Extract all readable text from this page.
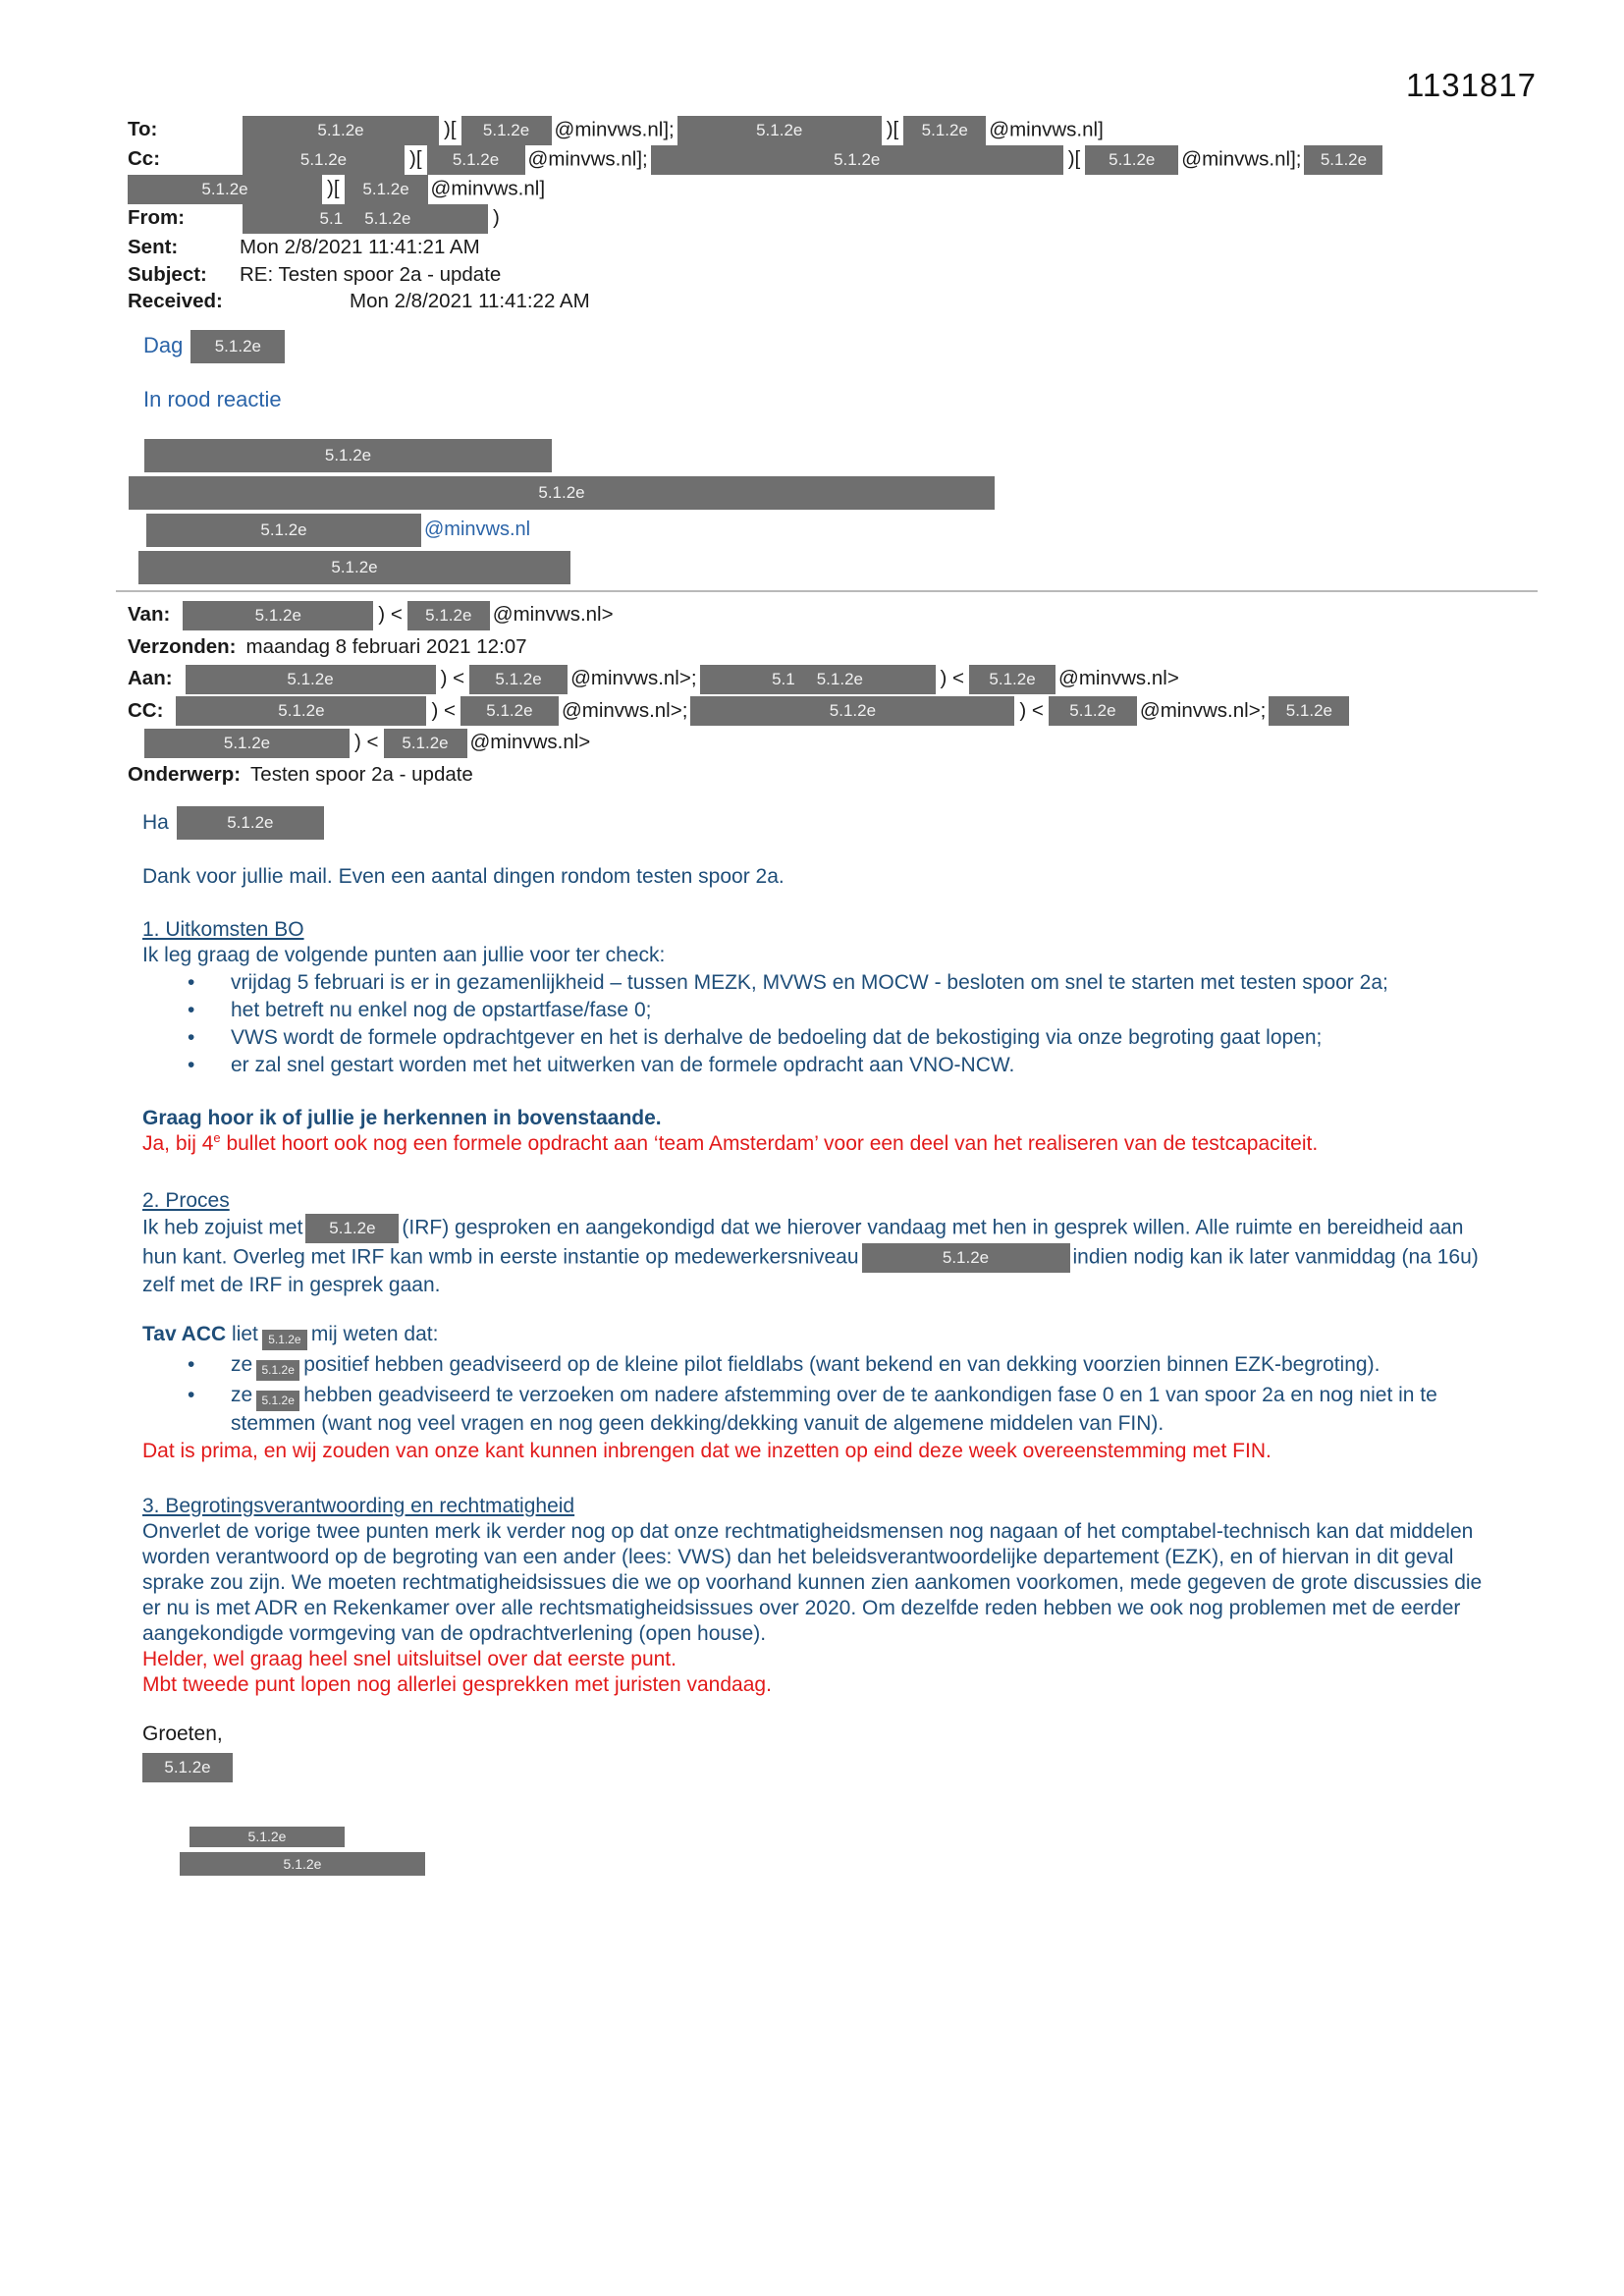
1131817
To:	5.1.2e	)[ 5.1.2e @minvws.nl];	5.1.2e	)[ 5.1.2e @minvws.nl]
Cc:	5.1.2e	)[ 5.1.2e @minvws.nl];	5.1.2e	)[ 5.1.2e @minvws.nl]; 5.1.2e
5.1.2e	)[ 5.1.2e @minvws.nl]
From:	5.1 5.1.2e	)
Sent:	Mon 2/8/2021 11:41:21 AM
Subject: RE: Testen spoor 2a - update
Received:	Mon 2/8/2021 11:41:22 AM
Dag 5.1.2e
In rood reactie
5.1.2e
5.1.2e
5.1.2e	@minvws.nl
5.1.2e
Van:	5.1.2e	) < 5.1.2e @minvws.nl>
Verzonden: maandag 8 februari 2021 12:07
Aan:	5.1.2e	) < 5.1.2e @minvws.nl>;	5.1 5.1.2e	) < 5.1.2e @minvws.nl>
CC:	5.1.2e	) < 5.1.2e @minvws.nl>;	5.1.2e	) < 5.1.2e @minvws.nl>; 5.1.2e
5.1.2e	) < 5.1.2e @minvws.nl>
Onderwerp: Testen spoor 2a - update
Ha	5.1.2e

Dank voor jullie mail. Even een aantal dingen rondom testen spoor 2a.

1. Uitkomsten BO

Ik leg graag de volgende punten aan jullie voor ter check:

• vrijdag 5 februari is er in gezamenlijkheid – tussen MEZK, MVWS en MOCW - besloten om snel te starten met testen spoor 2a;
• het betreft nu enkel nog de opstartfase/fase 0;
• VWS wordt de formele opdrachtgever en het is derhalve de bedoeling dat de bekostiging via onze begroting gaat lopen;
• er zal snel gestart worden met het uitwerken van de formele opdracht aan VNO-NCW.

Graag hoor ik of jullie je herkennen in bovenstaande.

Ja, bij 4e bullet hoort ook nog een formele opdracht aan ‘team Amsterdam’ voor een deel van het realiseren van de testcapaciteit.

2. Proces

Ik heb zojuist met 5.1.2e (IRF) gesproken en aangekondigd dat we hierover vandaag met hen in gesprek willen. Alle ruimte en bereidheid aan hun kant. Overleg met IRF kan wmb in eerste instantie op medewerkersniveau	5.1.2e	indien nodig kan ik later vanmiddag (na 16u) zelf met de IRF in gesprek gaan.

Tav ACC liet 5.1.2e mij weten dat:

• ze 5.1.2e positief hebben geadviseerd op de kleine pilot fieldlabs (want bekend en van dekking voorzien binnen EZK-begroting).
• ze 5.1.2e hebben geadviseerd te verzoeken om nadere afstemming over de te aankondigen fase 0 en 1 van spoor 2a en nog niet in te stemmen (want nog veel vragen en nog geen dekking/dekking vanuit de algemene middelen van FIN).

Dat is prima, en wij zouden van onze kant kunnen inbrengen dat we inzetten op eind deze week overeenstemming met FIN.

3. Begrotingsverantwoording en rechtmatigheid

Onverlet de vorige twee punten merk ik verder nog op dat onze rechtmatigheidsmensen nog nagaan of het comptabel-technisch kan dat middelen worden verantwoord op de begroting van een ander (lees: VWS) dan het beleidsverantwoordelijke departement (EZK), en of hiervan in dit geval sprake zou zijn. We moeten rechtmatigheidsissues die we op voorhand kunnen zien aankomen voorkomen, mede gegeven de grote discussies die er nu is met ADR en Rekenkamer over alle rechtsmatigheidsissues over 2020. Om dezelfde reden hebben we ook nog problemen met de eerder aangekondigde vormgeving van de opdrachtverlening (open house).

Helder, wel graag heel snel uitsluitsel over dat eerste punt.

Mbt tweede punt lopen nog allerlei gesprekken met juristen vandaag.

Groeten,

5.1.2e
5.1.2e
5.1.2e
